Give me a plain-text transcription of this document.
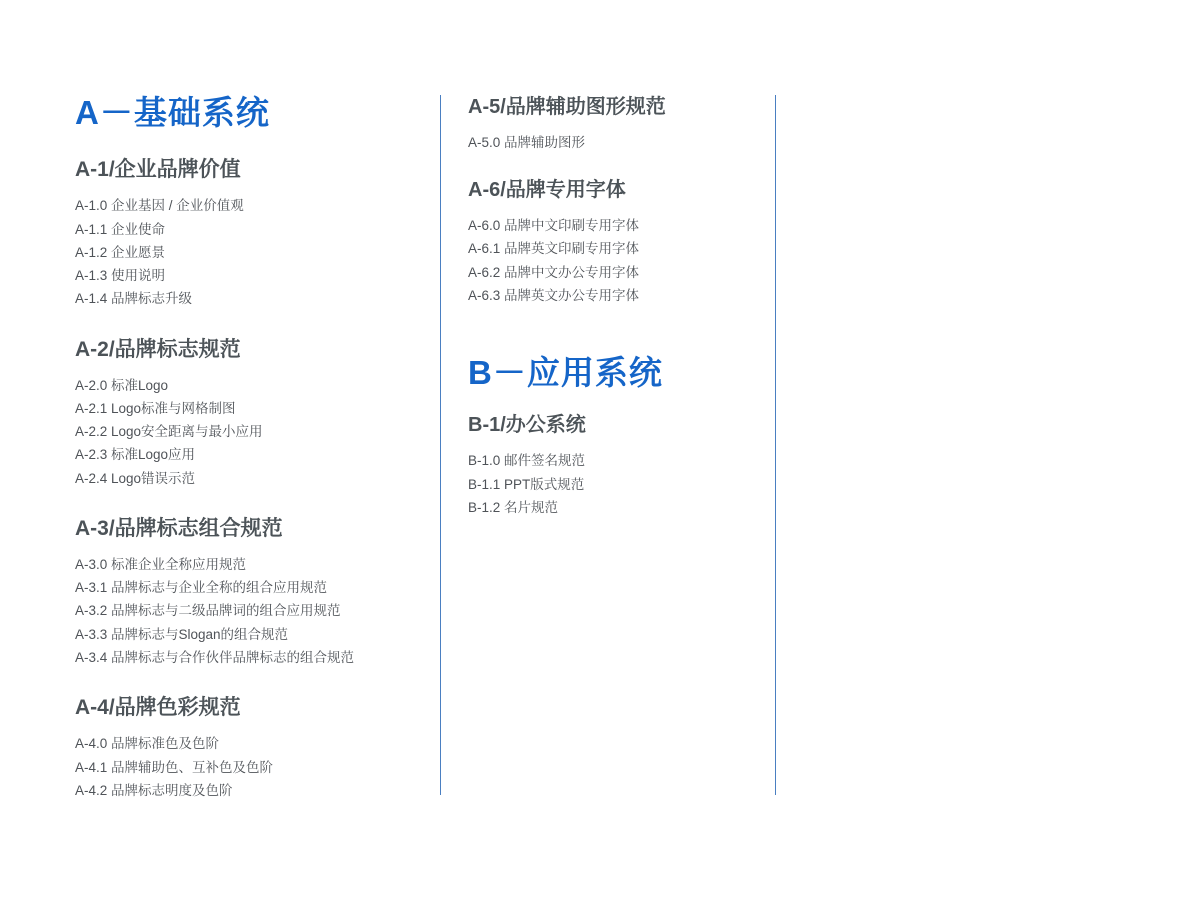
A－基础系统
A-1/企业品牌价值
A-1.0 企业基因 / 企业价值观
A-1.1 企业使命
A-1.2 企业愿景
A-1.3 使用说明
A-1.4 品牌标志升级
A-2/品牌标志规范
A-2.0 标准Logo
A-2.1 Logo标准与网格制图
A-2.2 Logo安全距离与最小应用
A-2.3 标准Logo应用
A-2.4 Logo错误示范
A-3/品牌标志组合规范
A-3.0 标准企业全称应用规范
A-3.1 品牌标志与企业全称的组合应用规范
A-3.2 品牌标志与二级品牌词的组合应用规范
A-3.3 品牌标志与Slogan的组合规范
A-3.4 品牌标志与合作伙伴品牌标志的组合规范
A-4/品牌色彩规范
A-4.0 品牌标准色及色阶
A-4.1 品牌辅助色、互补色及色阶
A-4.2 品牌标志明度及色阶
A-5/品牌辅助图形规范
A-5.0 品牌辅助图形
A-6/品牌专用字体
A-6.0 品牌中文印刷专用字体
A-6.1 品牌英文印刷专用字体
A-6.2 品牌中文办公专用字体
A-6.3 品牌英文办公专用字体
B－应用系统
B-1/办公系统
B-1.0 邮件签名规范
B-1.1 PPT版式规范
B-1.2 名片规范
